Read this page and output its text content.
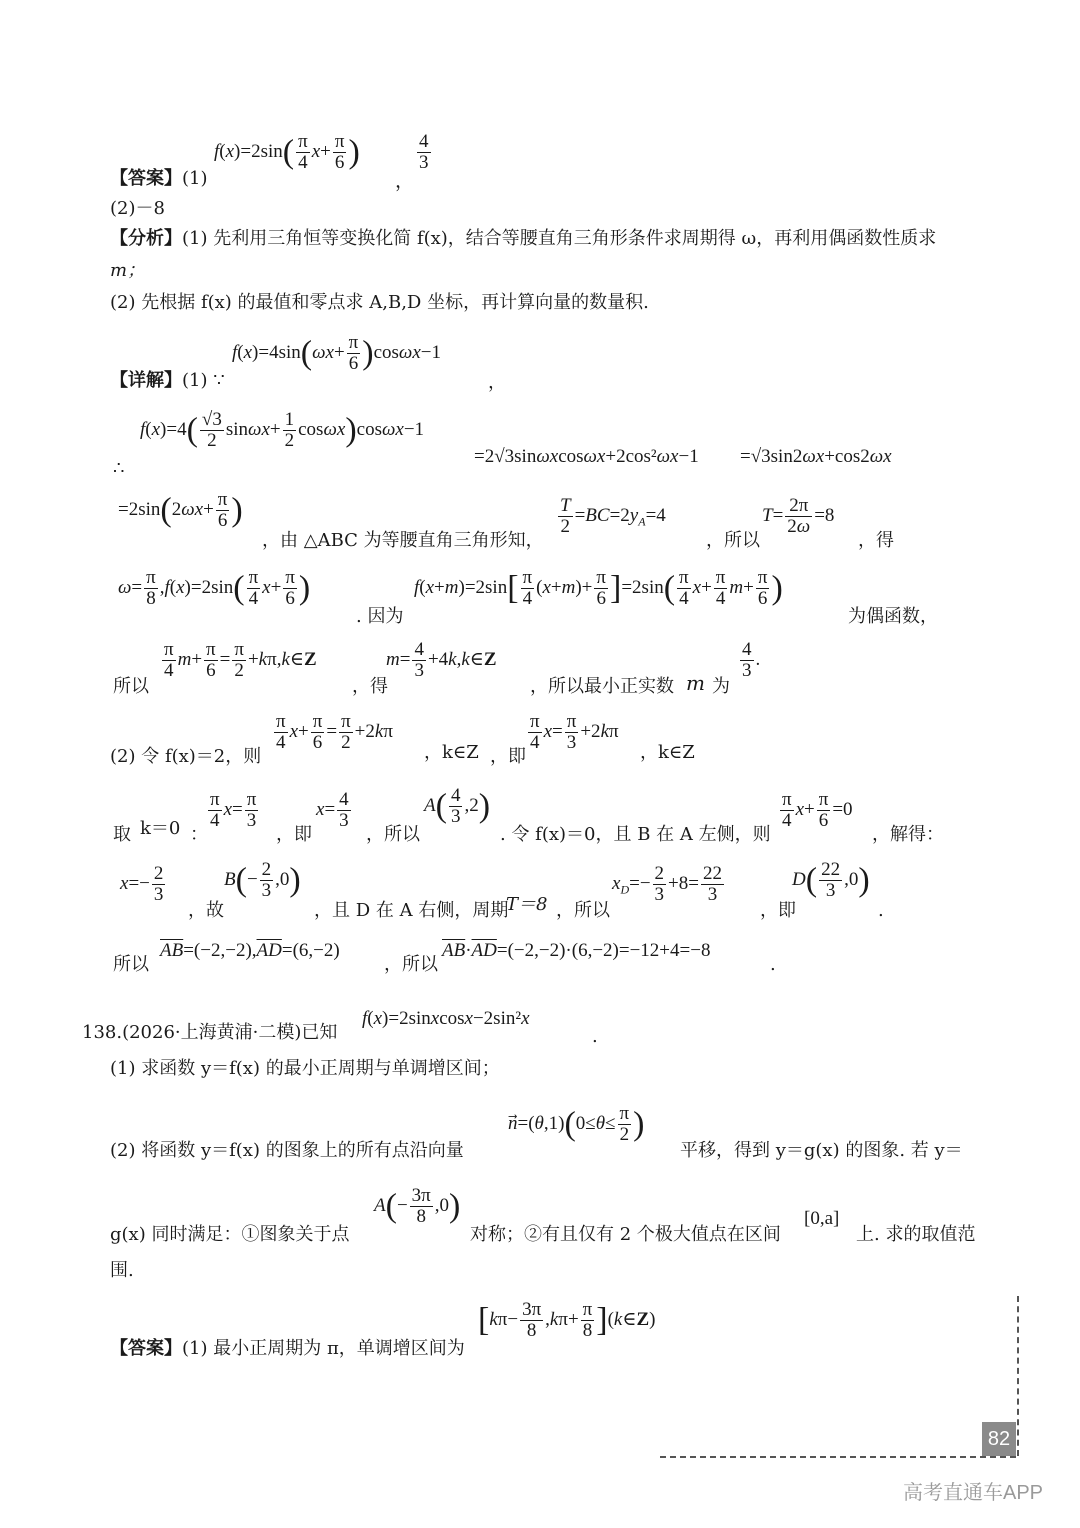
$f(x)=2\sin( \frac{\pi}{4} x+ \frac{\pi}{6}$ )
，
$\frac{4}{3}$
【答案】(1)
(2)－8
【分析】(1) 先利用三角恒等变换化简 f(x)，结合等腰直角三角形条件求周期得 ω，再利用偶函数性质求
m；
(2) 先根据 f(x) 的最值和零点求 A,B,D 坐标，再计算向量的数量积.
$f(x)=4\sin(\omega x+ \frac{\pi}{6} )\cos\omega x-1$
【详解】(1) ∵	，
$f(x)=4( \frac{√3}{2} \sin\omega x+ \frac{1}{2} \cos\omega x)\cos\omega x-1$
∴
=2√3sinωxcosωx+2cos²ωx−1 =√3sin2ωx+cos2ωx
$=2\sin(2\omega x+ \frac{\pi}{6}$ )
，由 △ABC 为等腰直角三角形知，
$\frac{T}{2} =BC=2y_A=4$
，所以
$T= \frac{2\pi}{2\omega} =8$
，得
$\omega= \frac{\pi}{8} ,f(x)=2\sin( \frac{\pi}{4} x+ \frac{\pi}{6}$ )
. 因为
$f(x+m)=2\sin[ \frac{\pi}{4} (x+m)+ \frac{\pi}{6} ]=2\sin( \frac{\pi}{4} x+ \frac{\pi}{4} m+ \frac{\pi}{6}$ )
为偶函数，
所以
$\frac{\pi}{4} m+ \frac{\pi}{6} = \frac{\pi}{2}$ +kπ,k∈Z
，得
$m= \frac{4}{3}$ +4k,k∈Z
，所以最小正实数 m 为
$\frac{4}{3}$ .
(2) 令 f(x)＝2，则
$\frac{\pi}{4} x+ \frac{\pi}{6} = \frac{\pi}{2} +2k\pi$
，k∈Z ，即
$\frac{\pi}{4} x= \frac{\pi}{3} +2k\pi$
，k∈Z
取 k＝0 ：
$\frac{\pi}{4} x= \frac{\pi}{3}$
，即
$x= \frac{4}{3}$
，所以
$A( \frac{4}{3} ,2)$
. 令 f(x)＝0，且 B 在 A 左侧，则
$\frac{\pi}{4} x+ \frac{\pi}{6} =0$
，解得：
$x=- \frac{2}{3}$
，故
$B(- \frac{2}{3} ,0)$
，且 D 在 A 右侧，周期
T＝8 ，所以
$x_D=- \frac{2}{3} +8= \frac{22}{3}$
，即
$D( \frac{22}{3} ,0)$
.
所以
$\overline{AB}=(-2,-2),\overline{AD}=(6,-2)$
，所以
$\overline{AB}\cdot\overline{AD}=(-2,-2)\cdot(6,-2)=-12+4=-8$
.
138.(2026·上海黄浦·二模)已知
f(x)=2sinxcosx−2sin²x
.
(1) 求函数 y＝f(x) 的最小正周期与单调增区间；
(2) 将函数 y＝f(x) 的图象上的所有点沿向量
n⃗=(θ,1)(0≤θ≤ $\frac{\pi}{2}$ )
平移，得到 y＝g(x) 的图象. 若 y＝
g(x) 同时满足：①图象关于点
$A(- \frac{3\pi}{8} ,0)$
对称；②有且仅有 2 个极大值点在区间
[0,a]
上. 求的取值范
围.
【答案】(1) 最小正周期为 π，单调增区间为
[$k\pi- \frac{3\pi}{8} ,k\pi+ \frac{\pi}{8}$ ](k∈Z)
82
高考直通车APP
